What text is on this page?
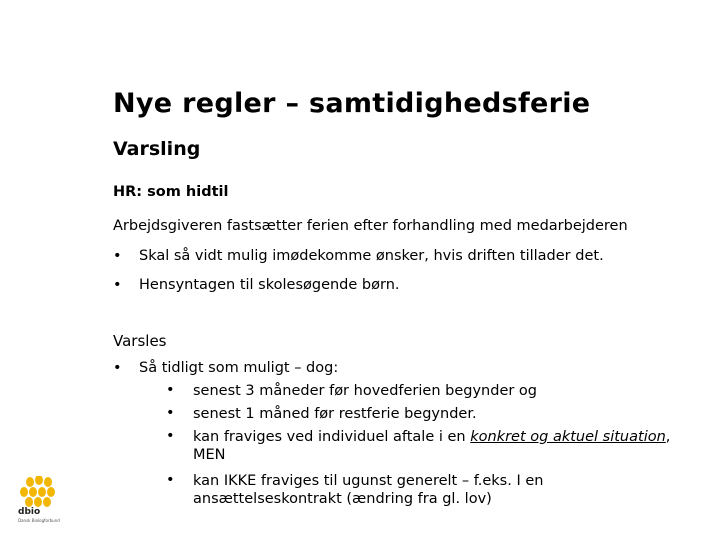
Nye regler – samtidighedsferie
Varsling
HR: som hidtil
Arbejdsgiveren fastsætter ferien efter forhandling med medarbejderen
• Skal så vidt mulig imødekomme ønsker, hvis driften tillader det.
• Hensyntagen til skolesøgende børn.
Varsles
• Så tidligt som muligt – dog:
• senest 3 måneder før hovedferien begynder og
• senest 1 måned før restferie begynder.
• kan fraviges ved individuel aftale i en konkret og aktuel situation, MEN
• kan IKKE fraviges til ugunst generelt – f.eks. I en ansættelseskontrakt (ændring fra gl. lov)
dbio
Dansk Biologforbund
